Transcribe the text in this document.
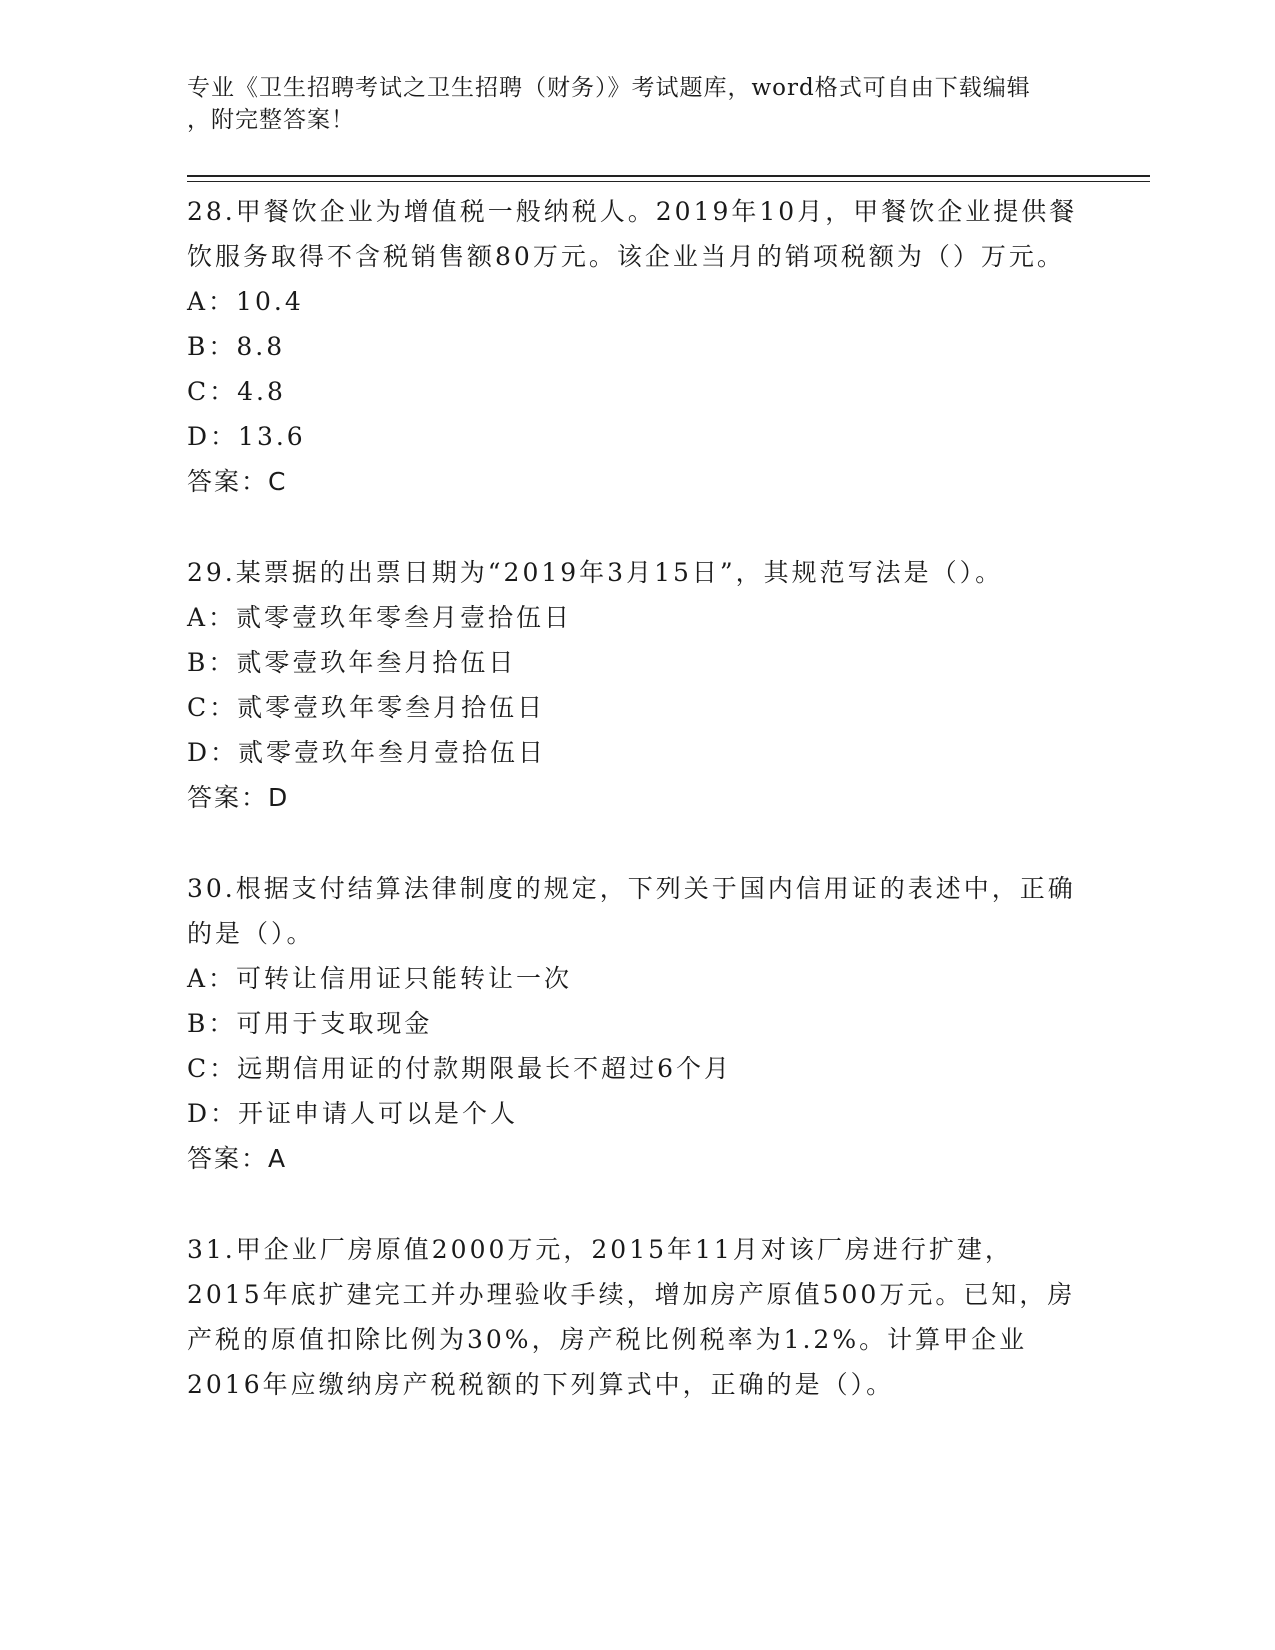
专业《卫生招聘考试之卫生招聘（财务）》考试题库，word格式可自由下载编辑
，附完整答案！

28.甲餐饮企业为增值税一般纳税人。2019年10月，甲餐饮企业提供餐饮服务取得不含税销售额80万元。该企业当月的销项税额为（）万元。

A：10.4

B：8.8

C：4.8

D：13.6

答案：C

29.某票据的出票日期为“2019年3月15日”，其规范写法是（）。

A：贰零壹玖年零叁月壹拾伍日

B：贰零壹玖年叁月拾伍日

C：贰零壹玖年零叁月拾伍日

D：贰零壹玖年叁月壹拾伍日

答案：D

30.根据支付结算法律制度的规定，下列关于国内信用证的表述中，正确的是（）。

A：可转让信用证只能转让一次

B：可用于支取现金

C：远期信用证的付款期限最长不超过6个月

D：开证申请人可以是个人

答案：A

31.甲企业厂房原值2000万元，2015年11月对该厂房进行扩建，2015年底扩建完工并办理验收手续，增加房产原值500万元。已知，房产税的原值扣除比例为30%，房产税比例税率为1.2%。计算甲企业2016年应缴纳房产税税额的下列算式中，正确的是（）。
